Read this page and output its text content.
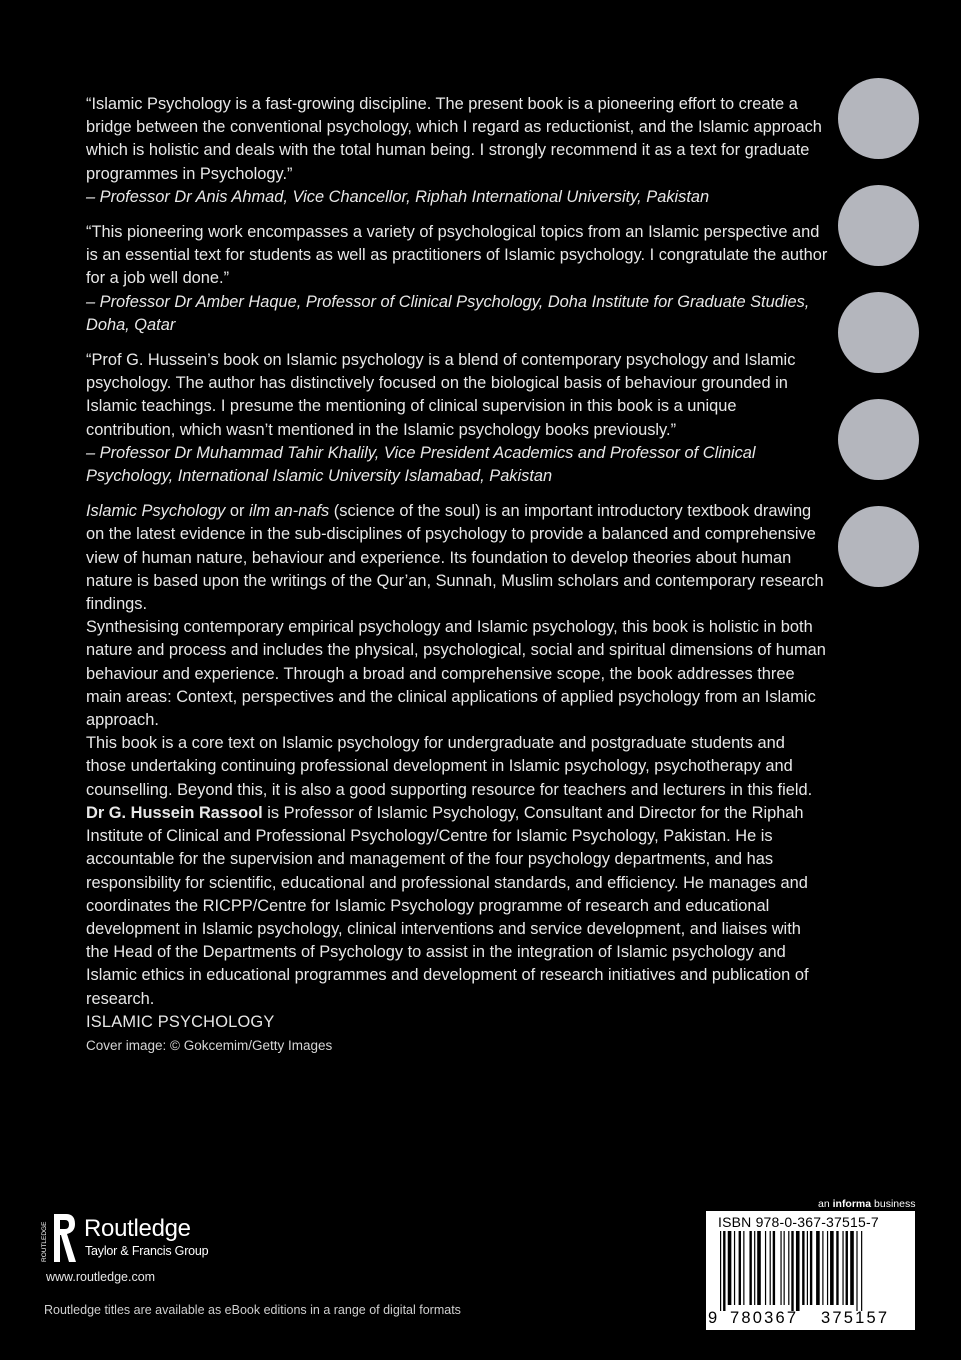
“Islamic Psychology is a fast-growing discipline. The present book is a pioneering effort to create a bridge between the conventional psychology, which I regard as reductionist, and the Islamic approach which is holistic and deals with the total human being. I strongly recommend it as a text for graduate programmes in Psychology.”

– Professor Dr Anis Ahmad, Vice Chancellor, Riphah International University, Pakistan

“This pioneering work encompasses a variety of psychological topics from an Islamic perspective and is an essential text for students as well as practitioners of Islamic psychology. I congratulate the author for a job well done.”

– Professor Dr Amber Haque, Professor of Clinical Psychology, Doha Institute for Graduate Studies, Doha, Qatar

“Prof G. Hussein’s book on Islamic psychology is a blend of contemporary psychology and Islamic psychology. The author has distinctively focused on the biological basis of behaviour grounded in Islamic teachings. I presume the mentioning of clinical supervision in this book is a unique contribution, which wasn’t mentioned in the Islamic psychology books previously.”

– Professor Dr Muhammad Tahir Khalily, Vice President Academics and Professor of Clinical Psychology, International Islamic University Islamabad, Pakistan

Islamic Psychology or ilm an-nafs (science of the soul) is an important introductory textbook drawing on the latest evidence in the sub-disciplines of psychology to provide a balanced and comprehensive view of human nature, behaviour and experience. Its foundation to develop theories about human nature is based upon the writings of the Qur’an, Sunnah, Muslim scholars and contemporary research findings.

Synthesising contemporary empirical psychology and Islamic psychology, this book is holistic in both nature and process and includes the physical, psychological, social and spiritual dimensions of human behaviour and experience. Through a broad and comprehensive scope, the book addresses three main areas: Context, perspectives and the clinical applications of applied psychology from an Islamic approach.

This book is a core text on Islamic psychology for undergraduate and postgraduate students and those undertaking continuing professional development in Islamic psychology, psychotherapy and counselling. Beyond this, it is also a good supporting resource for teachers and lecturers in this field.

Dr G. Hussein Rassool is Professor of Islamic Psychology, Consultant and Director for the Riphah Institute of Clinical and Professional Psychology/Centre for Islamic Psychology, Pakistan. He is accountable for the supervision and management of the four psychology departments, and has responsibility for scientific, educational and professional standards, and efficiency. He manages and coordinates the RICPP/Centre for Islamic Psychology programme of research and educational development in Islamic psychology, clinical interventions and service development, and liaises with the Head of the Departments of Psychology to assist in the integration of Islamic psychology and Islamic ethics in educational programmes and development of research initiatives and publication of research.

ISLAMIC PSYCHOLOGY

Cover image: © Gokcemim/Getty Images

ROUTLEDGE Routledge
Taylor & Francis Group
www.routledge.com
Routledge titles are available as eBook editions in a range of digital formats
an informa business
ISBN 978-0-367-37515-7
9 780367 375157
